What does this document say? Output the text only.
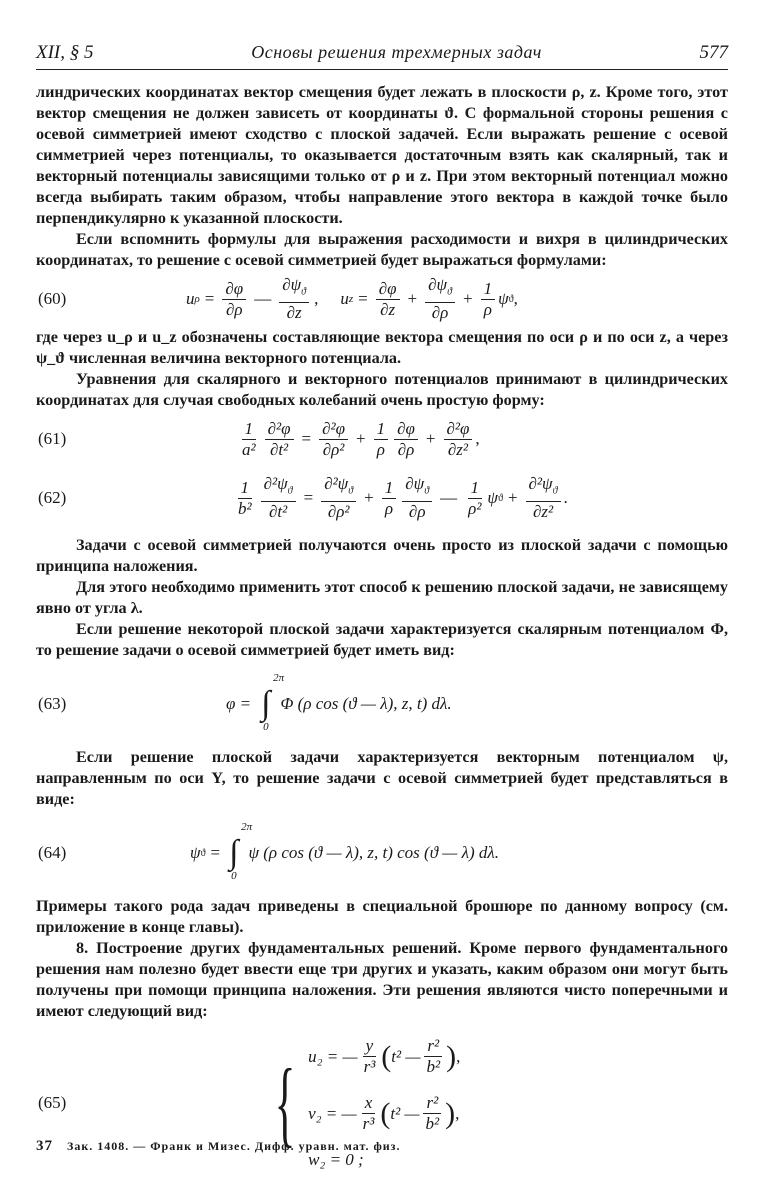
XII, § 5	Основы решения трехмерных задач	577

линдрических координатах вектор смещения будет лежать в плоскости ρ, z. Кроме того, этот вектор смещения не должен зависеть от координаты ϑ. С формальной стороны решения с осевой симметрией имеют сходство с плоской задачей. Если выражать решение с осевой симметрией через потенциалы, то оказывается достаточным взять как скалярный, так и векторный потенциалы зависящими только от ρ и z. При этом векторный потенциал можно всегда выбирать таким образом, чтобы направление этого вектора в каждой точке было перпендикулярно к указанной плоскости.

Если вспомнить формулы для выражения расходимости и вихря в цилиндрических координатах, то решение с осевой симметрией будет выражаться формулами:

(60)	u $\rho = \frac{\partial\varphi}{\partial\rho}$ — $\frac{\partial\psi_ϑ}{\partial z}$ , u $z = \frac{\partial\varphi}{\partial z} + \frac{\partial\psi_ϑ}{\partial\rho} + \frac{1}{\rho}$ ψ ϑ ,

где через u_ρ и u_z обозначены составляющие вектора смещения по оси ρ и по оси z, а через ψ_ϑ численная величина векторного потенциала.

Уравнения для скалярного и векторного потенциалов принимают в цилиндрических координатах для случая свободных колебаний очень простую форму:

(61)	$\frac{1}{\text{a²}} \frac{\text{∂²φ}}{\text{∂t²}} = \frac{\text{∂²φ}}{\text{∂ρ²}} + \frac{1}{\rho} \frac{\partial\varphi}{\partial\rho} + \frac{\text{∂²φ}}{\text{∂z²}}$ ,
(62)	$\frac{1}{\text{b²}} \frac{\partial^2\psi_ϑ}{\text{∂t²}} = \frac{\partial^2\psi_ϑ}{\text{∂ρ²}} + \frac{1}{\rho} \frac{\partial\psi_ϑ}{\partial\rho}$ — $\frac{1}{\text{ρ²}}$ ψ $ϑ + \frac{\partial^2\psi_ϑ}{\text{∂z²}}$ .

Задачи с осевой симметрией получаются очень просто из плоской задачи с помощью принципа наложения.

Для этого необходимо применить этот способ к решению плоской задачи, не зависящему явно от угла λ.

Если решение некоторой плоской задачи характеризуется скалярным потенциалом Φ, то решение задачи о осевой симметрией будет иметь вид:

(63)	φ = ∫
2π
0
Φ (ρ cos (ϑ — λ), z, t) dλ.

Если решение плоской задачи характеризуется векторным потенциалом ψ, направленным по оси Y, то решение задачи с осевой симметрией будет представляться в виде:

(64)	ψ ϑ = ∫
2π
0
ψ (ρ cos (ϑ — λ), z, t) cos (ϑ — λ) dλ.

Примеры такого рода задач приведены в специальной брошюре по данному вопросу (см. приложение в конце главы).

8. Построение других фундаментальных решений. Кроме первого фундаментального решения нам полезно будет ввести еще три других и указать, каким образом они могут быть получены при помощи принципа наложения. Эти решения являются чисто поперечными и имеют следующий вид:

(65) { u₂ = — $\frac{y}{\text{r³}}$ ( t² — $\frac{\text{r²}}{\text{b²}}$ ) ,
v₂ = — $\frac{x}{\text{r³}}$ ( t² — $\frac{\text{r²}}{\text{b²}}$ ) ,
w₂ = 0 ;
37 Зак. 1408. — Франк и Мизес. Дифф. уравн. мат. физ.
